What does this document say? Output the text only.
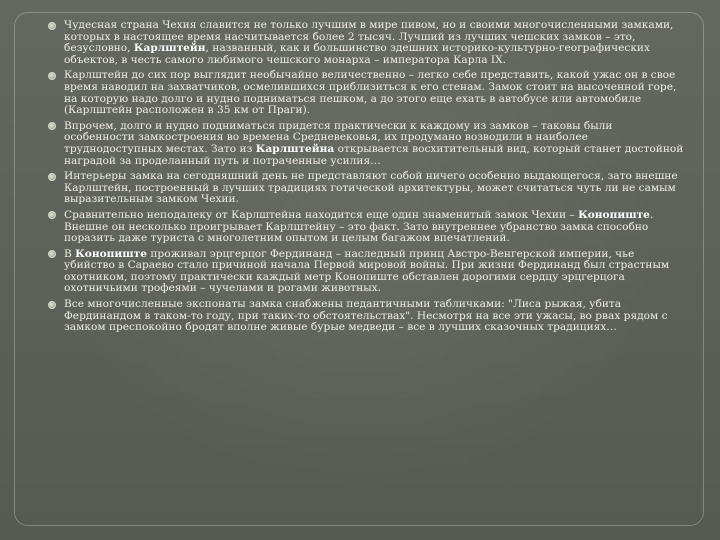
Чудесная страна Чехия славится не только лучшим в мире пивом, но и своими многочисленными замками, которых в настоящее время насчитывается более 2 тысяч. Лучший из лучших чешских замков – это, безусловно, Карлштейн, названный, как и большинство здешних историко-культурно-географических объектов, в честь самого любимого чешского монарха – императора Карла IX.
Карлштейн до сих пор выглядит необычайно величественно – легко себе представить, какой ужас он в свое время наводил на захватчиков, осмелившихся приблизиться к его стенам. Замок стоит на высоченной горе, на которую надо долго и нудно подниматься пешком, а до этого еще ехать в автобусе или автомобиле (Карлштейн расположен в 35 км от Праги).
Впрочем, долго и нудно подниматься придется практически к каждому из замков – таковы были особенности замкостроения во времена Средневековья, их продумано возводили в наиболее труднодоступных местах. Зато из Карлштейна открывается восхитительный вид, который станет достойной наградой за проделанный путь и потраченные усилия…
Интерьеры замка на сегодняшний день не представляют собой ничего особенно выдающегося, зато внешне Карлштейн, построенный в лучших традициях готической архитектуры, может считаться чуть ли не самым выразительным замком Чехии.
Сравнительно неподалеку от Карлштейна находится еще один знаменитый замок Чехии – Конопиште. Внешне он несколько проигрывает Карлштейну – это факт. Зато внутреннее убранство замка способно поразить даже туриста с многолетним опытом и целым багажом впечатлений.
В Конопиште проживал эрцгерцог Фердинанд – наследный принц Австро-Венгерской империи, чье убийство в Сараево стало причиной начала Первой мировой войны. При жизни Фердинанд был страстным охотником, поэтому практически каждый метр Конопиште обставлен дорогими сердцу эрцгерцога охотничьими трофеями – чучелами и рогами животных.
Все многочисленные экспонаты замка снабжены педантичными табличками: "Лиса рыжая, убита Фердинандом в таком-то году, при таких-то обстоятельствах". Несмотря на все эти ужасы, во рвах рядом с замком преспокойно бродят вполне живые бурые медведи – все в лучших сказочных традициях…
